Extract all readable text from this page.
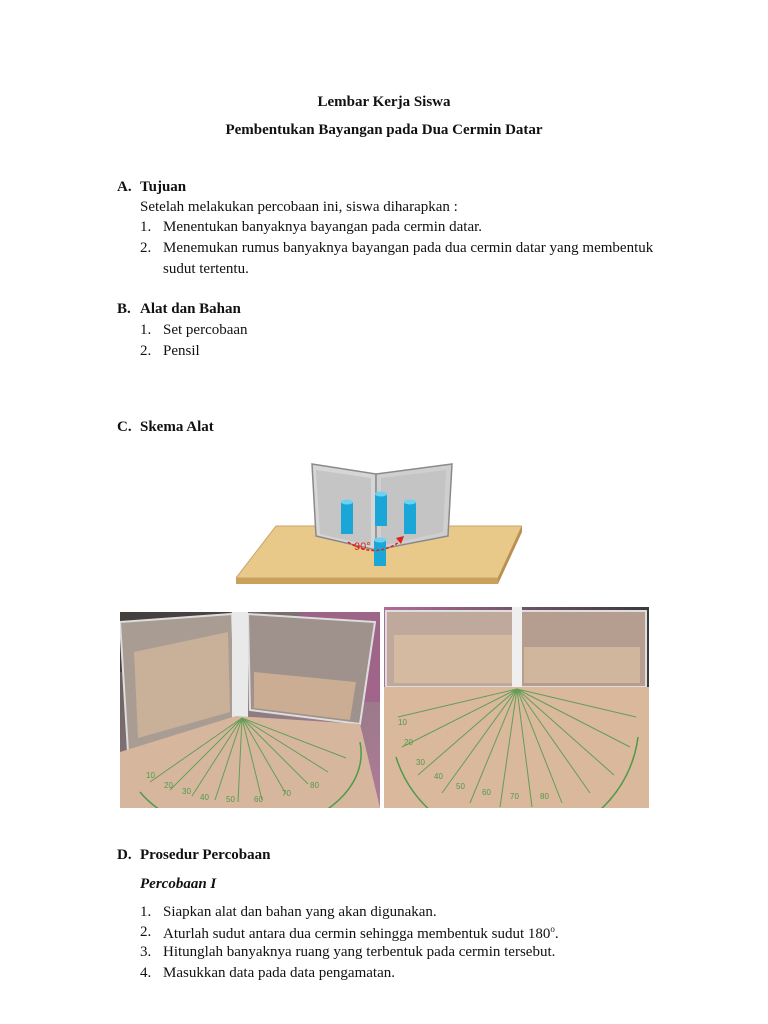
Lembar Kerja Siswa
Pembentukan Bayangan pada Dua Cermin Datar
A. Tujuan
Setelah melakukan percobaan ini, siswa diharapkan :
1. Menentukan banyaknya bayangan pada cermin datar.
2. Menemukan rumus banyaknya bayangan pada dua cermin datar yang membentuk
sudut tertentu.
B. Alat dan Bahan
1. Set percobaan
2. Pensil
C. Skema Alat
90°
10
20
30
40 50 60
70
80
10
20
30
40
50
60 70	80
D. Prosedur Percobaan
Percobaan I
1. Siapkan alat dan bahan yang akan digunakan.
2. Aturlah sudut antara dua cermin sehingga membentuk sudut 180$^o$.
3. Hitunglah banyaknya ruang yang terbentuk pada cermin tersebut.
4. Masukkan data pada data pengamatan.
